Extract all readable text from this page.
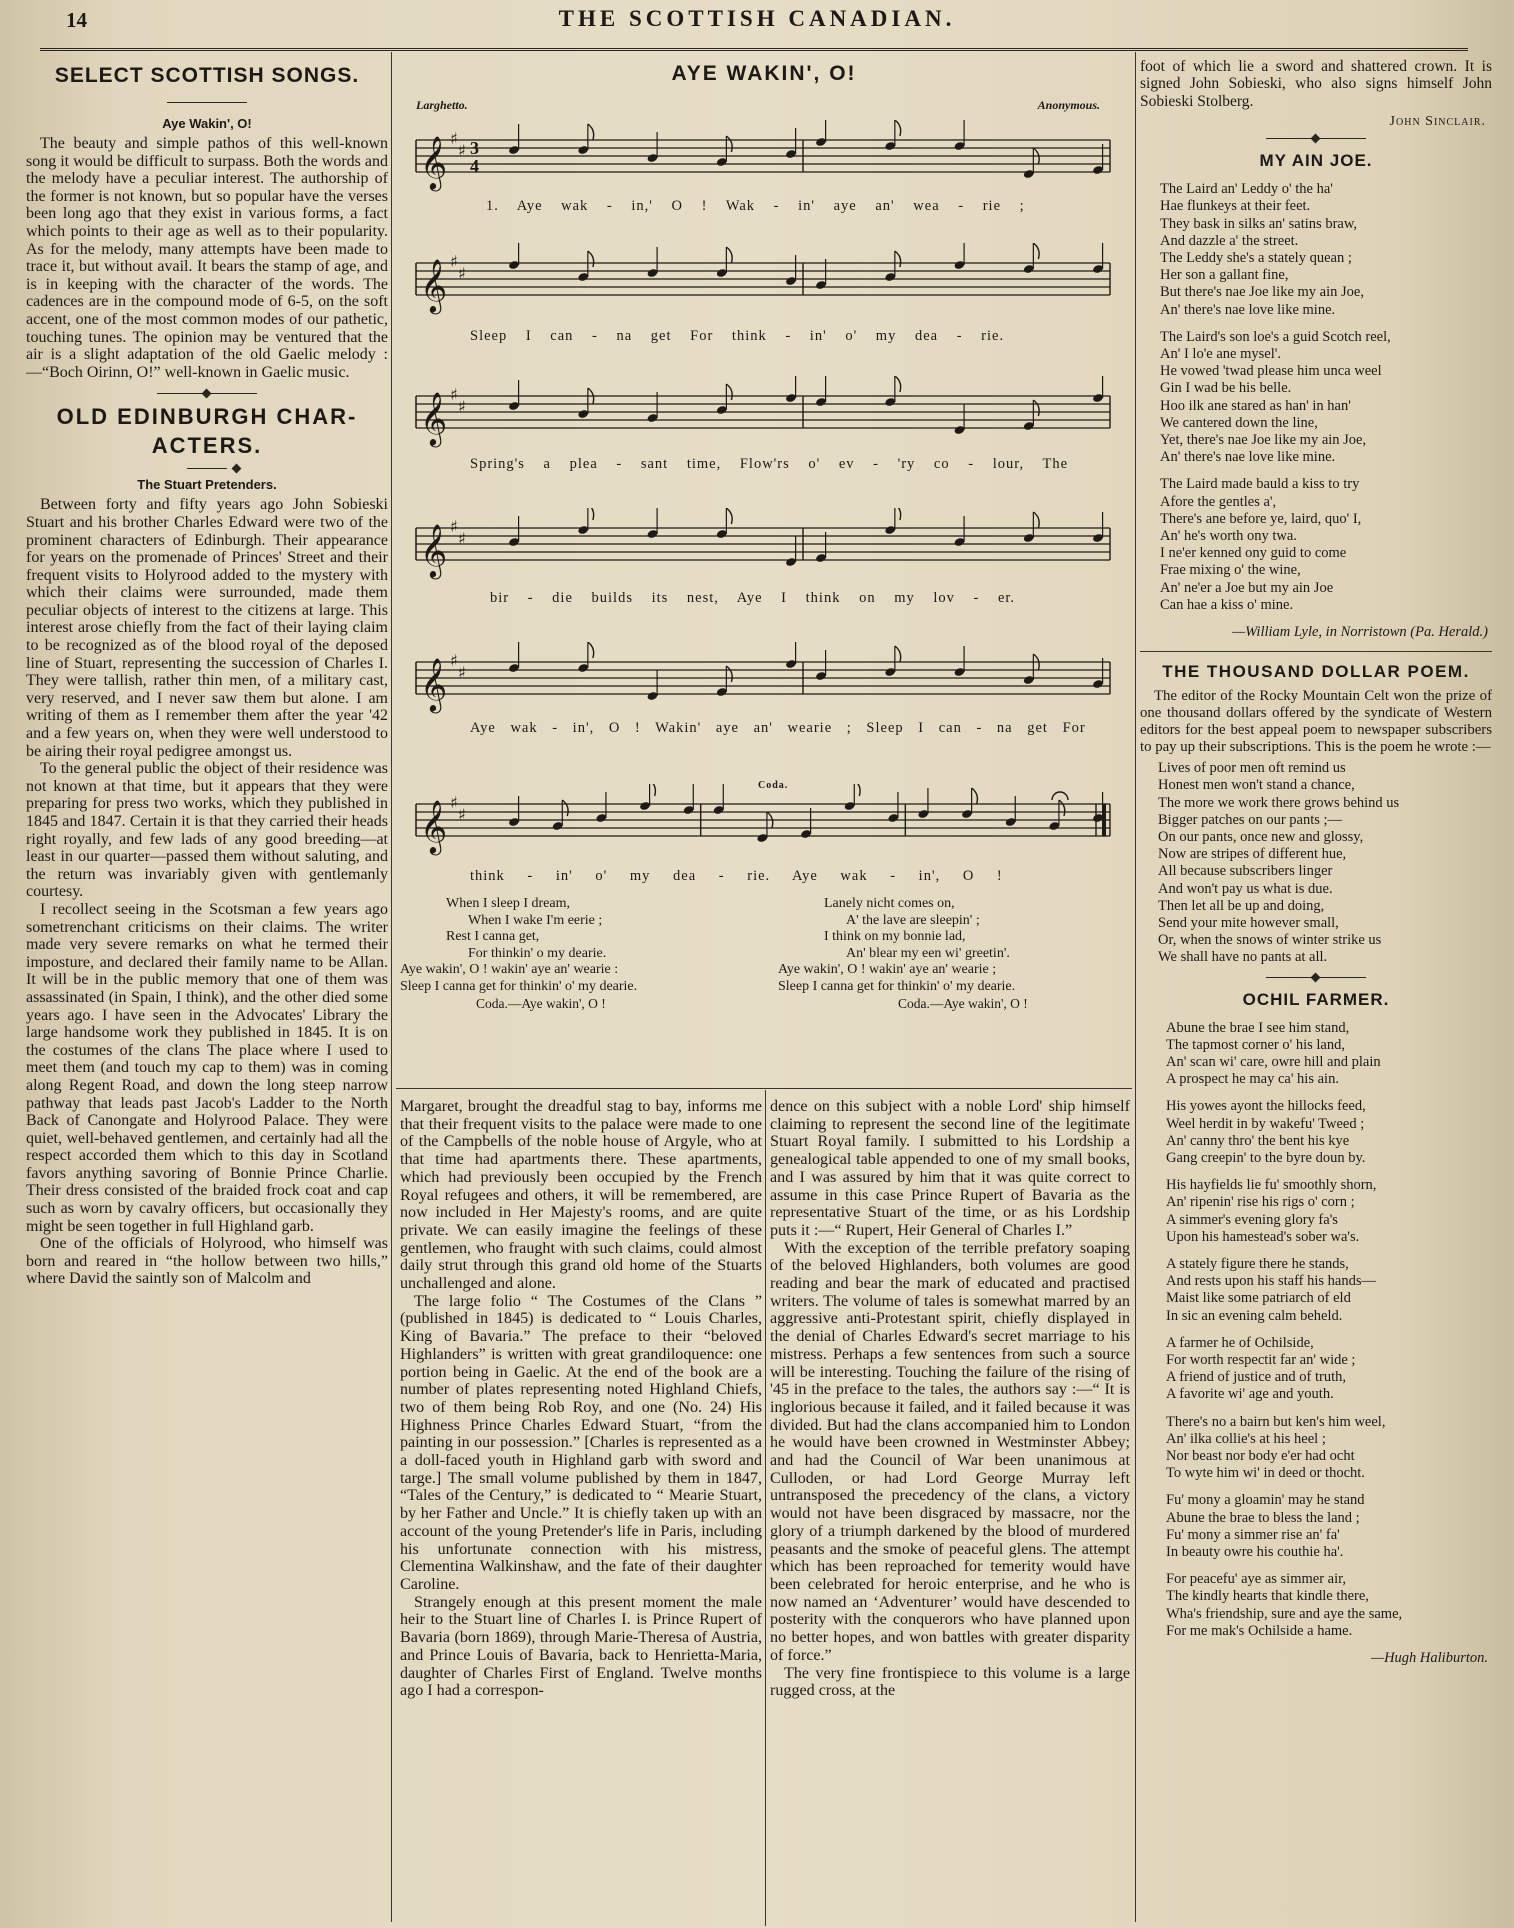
14	THE SCOTTISH CANADIAN.
SELECT SCOTTISH SONGS.
Aye Wakin', O!

The beauty and simple pathos of this well-known song it would be difficult to surpass. Both the words and the melody have a peculiar interest. The authorship of the former is not known, but so popular have the verses been long ago that they exist in various forms, a fact which points to their age as well as to their popularity. As for the melody, many attempts have been made to trace it, but without avail. It bears the stamp of age, and is in keeping with the character of the words. The cadences are in the compound mode of 6-5, on the soft accent, one of the most common modes of our pathetic, touching tunes. The opinion may be ventured that the air is a slight adaptation of the old Gaelic melody :—“Boch Oirinn, O!” well-known in Gaelic music.

OLD EDINBURGH CHAR-
ACTERS.
The Stuart Pretenders.

Between forty and fifty years ago John Sobieski Stuart and his brother Charles Edward were two of the prominent characters of Edinburgh. Their appearance for years on the promenade of Princes' Street and their frequent visits to Holyrood added to the mystery with which their claims were surrounded, made them peculiar objects of interest to the citizens at large. This interest arose chiefly from the fact of their laying claim to be recognized as of the blood royal of the deposed line of Stuart, representing the succession of Charles I. They were tallish, rather thin men, of a military cast, very reserved, and I never saw them but alone. I am writing of them as I remember them after the year '42 and a few years on, when they were well understood to be airing their royal pedigree amongst us.

To the general public the object of their residence was not known at that time, but it appears that they were preparing for press two works, which they published in 1845 and 1847. Certain it is that they carried their heads right royally, and few lads of any good breeding—at least in our quarter—passed them without saluting, and the return was invariably given with gentlemanly courtesy.

I recollect seeing in the Scotsman a few years ago sometrenchant criticisms on their claims. The writer made very severe remarks on what he termed their imposture, and declared their family name to be Allan. It will be in the public memory that one of them was assassinated (in Spain, I think), and the other died some years ago. I have seen in the Advocates' Library the large handsome work they published in 1845. It is on the costumes of the clans The place where I used to meet them (and touch my cap to them) was in coming along Regent Road, and down the long steep narrow pathway that leads past Jacob's Ladder to the North Back of Canongate and Holyrood Palace. They were quiet, well-behaved gentlemen, and certainly had all the respect accorded them which to this day in Scotland favors anything savoring of Bonnie Prince Charlie. Their dress consisted of the braided frock coat and cap such as worn by cavalry officers, but occasionally they might be seen together in full Highland garb.

One of the officials of Holyrood, who himself was born and reared in “the hollow between two hills,” where David the saintly son of Malcolm and

AYE WAKIN', O!
Larghetto.	Anonymous.
𝄞 ♯
♯ 3
4
1. Aye wak - in,' O ! Wak - in' aye an' wea - rie ;
𝄞 ♯
♯
Sleep I can - na get For think - in' o' my dea - rie.
𝄞 ♯
♯
Spring's a plea - sant time, Flow'rs o' ev - 'ry co - lour, The
𝄞 ♯
♯
bir - die builds its nest, Aye I think on my lov - er.
𝄞 ♯
♯
Aye wak - in', O ! Wakin' aye an' wearie ; Sleep I can - na get For
Coda.
𝄞 ♯
♯
think - in' o' my dea - rie. Aye wak - in', O !
When I sleep I dream,
When I wake I'm eerie ;
Rest I canna get,
For thinkin' o my dearie.
Aye wakin', O ! wakin' aye an' wearie :
Sleep I canna get for thinkin' o' my dearie.
Coda.—Aye wakin', O !
Lanely nicht comes on,
A' the lave are sleepin' ;
I think on my bonnie lad,
An' blear my een wi' greetin'.
Aye wakin', O ! wakin' aye an' wearie ;
Sleep I canna get for thinkin' o' my dearie.
Coda.—Aye wakin', O !

Margaret, brought the dreadful stag to bay, informs me that their frequent visits to the palace were made to one of the Campbells of the noble house of Argyle, who at that time had apartments there. These apartments, which had previously been occupied by the French Royal refugees and others, it will be remembered, are now included in Her Majesty's rooms, and are quite private. We can easily imagine the feelings of these gentlemen, who fraught with such claims, could almost daily strut through this grand old home of the Stuarts unchallenged and alone.

The large folio “ The Costumes of the Clans ” (published in 1845) is dedicated to “ Louis Charles, King of Bavaria.” The preface to their “beloved Highlanders” is written with great grandiloquence: one portion being in Gaelic. At the end of the book are a number of plates representing noted Highland Chiefs, two of them being Rob Roy, and one (No. 24) His Highness Prince Charles Edward Stuart, “from the painting in our possession.” [Charles is represented as a a doll-faced youth in Highland garb with sword and targe.] The small volume published by them in 1847, “Tales of the Century,” is dedicated to “ Mearie Stuart, by her Father and Uncle.” It is chiefly taken up with an account of the young Pretender's life in Paris, including his unfortunate connection with his mistress, Clementina Walkinshaw, and the fate of their daughter Caroline.

Strangely enough at this present moment the male heir to the Stuart line of Charles I. is Prince Rupert of Bavaria (born 1869), through Marie-Theresa of Austria, and Prince Louis of Bavaria, back to Henrietta-Maria, daughter of Charles First of England. Twelve months ago I had a correspon-

dence on this subject with a noble Lord' ship himself claiming to represent the second line of the legitimate Stuart Royal family. I submitted to his Lordship a genealogical table appended to one of my small books, and I was assured by him that it was quite correct to assume in this case Prince Rupert of Bavaria as the representative Stuart of the time, or as his Lordship puts it :—“ Rupert, Heir General of Charles I.”

With the exception of the terrible prefatory soaping of the beloved Highlanders, both volumes are good reading and bear the mark of educated and practised writers. The volume of tales is somewhat marred by an aggressive anti-Protestant spirit, chiefly displayed in the denial of Charles Edward's secret marriage to his mistress. Perhaps a few sentences from such a source will be interesting. Touching the failure of the rising of '45 in the preface to the tales, the authors say :—“ It is inglorious because it failed, and it failed because it was divided. But had the clans accompanied him to London he would have been crowned in Westminster Abbey; and had the Council of War been unanimous at Culloden, or had Lord George Murray left untransposed the precedency of the clans, a victory would not have been disgraced by massacre, nor the glory of a triumph darkened by the blood of murdered peasants and the smoke of peaceful glens. The attempt which has been reproached for temerity would have been celebrated for heroic enterprise, and he who is now named an ‘Adventurer’ would have descended to posterity with the conquerors who have planned upon no better hopes, and won battles with greater disparity of force.”

The very fine frontispiece to this volume is a large rugged cross, at the

foot of which lie a sword and shattered crown. It is signed John Sobieski, who also signs himself John Sobieski Stolberg.

John Sinclair.
MY AIN JOE.
The Laird an' Leddy o' the ha'
Hae flunkeys at their feet.
They bask in silks an' satins braw,
And dazzle a' the street.
The Leddy she's a stately quean ;
Her son a gallant fine,
But there's nae Joe like my ain Joe,
An' there's nae love like mine.
The Laird's son loe's a guid Scotch reel,
An' I lo'e ane mysel'.
He vowed 'twad please him unca weel
Gin I wad be his belle.
Hoo ilk ane stared as han' in han'
We cantered down the line,
Yet, there's nae Joe like my ain Joe,
An' there's nae love like mine.
The Laird made bauld a kiss to try
Afore the gentles a',
There's ane before ye, laird, quo' I,
An' he's worth ony twa.
I ne'er kenned ony guid to come
Frae mixing o' the wine,
An' ne'er a Joe but my ain Joe
Can hae a kiss o' mine.
—William Lyle, in Norristown (Pa. Herald.)
THE THOUSAND DOLLAR POEM.

The editor of the Rocky Mountain Celt won the prize of one thousand dollars offered by the syndicate of Western editors for the best appeal poem to newspaper subscribers to pay up their subscriptions. This is the poem he wrote :—

Lives of poor men oft remind us
Honest men won't stand a chance,
The more we work there grows behind us
Bigger patches on our pants ;—
On our pants, once new and glossy,
Now are stripes of different hue,
All because subscribers linger
And won't pay us what is due.
Then let all be up and doing,
Send your mite however small,
Or, when the snows of winter strike us
We shall have no pants at all.
OCHIL FARMER.
Abune the brae I see him stand,
The tapmost corner o' his land,
An' scan wi' care, owre hill and plain
A prospect he may ca' his ain.
His yowes ayont the hillocks feed,
Weel herdit in by wakefu' Tweed ;
An' canny thro' the bent his kye
Gang creepin' to the byre doun by.
His hayfields lie fu' smoothly shorn,
An' ripenin' rise his rigs o' corn ;
A simmer's evening glory fa's
Upon his hamestead's sober wa's.
A stately figure there he stands,
And rests upon his staff his hands—
Maist like some patriarch of eld
In sic an evening calm beheld.
A farmer he of Ochilside,
For worth respectit far an' wide ;
A friend of justice and of truth,
A favorite wi' age and youth.
There's no a bairn but ken's him weel,
An' ilka collie's at his heel ;
Nor beast nor body e'er had ocht
To wyte him wi' in deed or thocht.
Fu' mony a gloamin' may he stand
Abune the brae to bless the land ;
Fu' mony a simmer rise an' fa'
In beauty owre his couthie ha'.
For peacefu' aye as simmer air,
The kindly hearts that kindle there,
Wha's friendship, sure and aye the same,
For me mak's Ochilside a hame.
—Hugh Haliburton.
